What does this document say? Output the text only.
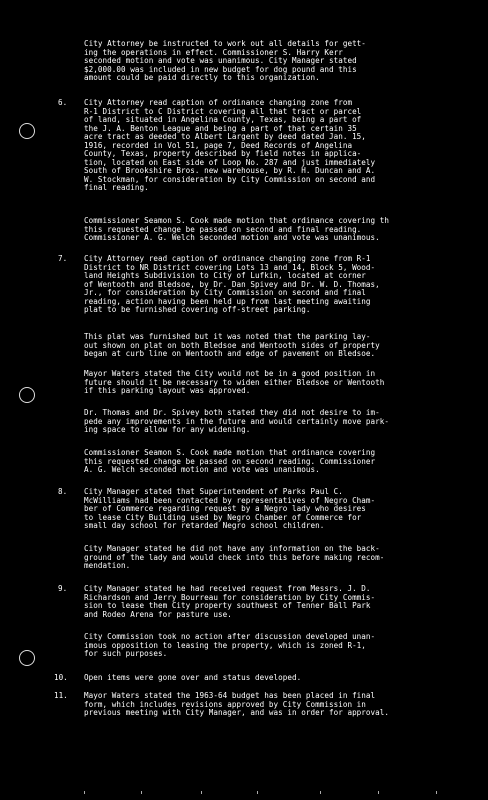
City Attorney be instructed to work out all details for gett-
ing the operations in effect. Commissioner S. Harry Kerr
seconded motion and vote was unanimous. City Manager stated
$2,000.00 was included in new budget for dog pound and this
amount could be paid directly to this organization.
6. City Attorney read caption of ordinance changing zone from
R-1 District to C District covering all that tract or parcel
of land, situated in Angelina County, Texas, being a part of
the J. A. Benton League and being a part of that certain 35
acre tract as deeded to Albert Largent by deed dated Jan. 15,
1916, recorded in Vol 51, page 7, Deed Records of Angelina
County, Texas, property described by field notes in applica-
tion, located on East side of Loop No. 287 and just immediately
South of Brookshire Bros. new warehouse, by R. H. Duncan and A.
W. Stockman, for consideration by City Commission on second and
final reading.
Commissioner Seamon S. Cook made motion that ordinance covering th
this requested change be passed on second and final reading.
Commissioner A. G. Welch seconded motion and vote was unanimous.
7. City Attorney read caption of ordinance changing zone from R-1
District to NR District covering Lots 13 and 14, Block 5, Wood-
land Heights Subdivision to City of Lufkin, located at corner
of Wentooth and Bledsoe, by Dr. Dan Spivey and Dr. W. D. Thomas,
Jr., for consideration by City Commission on second and final
reading, action having been held up from last meeting awaiting
plat to be furnished covering off-street parking.
This plat was furnished but it was noted that the parking lay-
out shown on plat on both Bledsoe and Wentooth sides of property
began at curb line on Wentooth and edge of pavement on Bledsoe.
Mayor Waters stated the City would not be in a good position in
future should it be necessary to widen either Bledsoe or Wentooth
if this parking layout was approved.
Dr. Thomas and Dr. Spivey both stated they did not desire to im-
pede any improvements in the future and would certainly move park-
ing space to allow for any widening.
Commissioner Seamon S. Cook made motion that ordinance covering
this requested change be passed on second reading. Commissioner
A. G. Welch seconded motion and vote was unanimous.
8. City Manager stated that Superintendent of Parks Paul C.
McWilliams had been contacted by representatives of Negro Cham-
ber of Commerce regarding request by a Negro lady who desires
to lease City Building used by Negro Chamber of Commerce for
small day school for retarded Negro school children.
City Manager stated he did not have any information on the back-
ground of the lady and would check into this before making recom-
mendation.
9. City Manager stated he had received request from Messrs. J. D.
Richardson and Jerry Bourreau for consideration by City Commis-
sion to lease them City property southwest of Tenner Ball Park
and Rodeo Arena for pasture use.
City Commission took no action after discussion developed unan-
imous opposition to leasing the property, which is zoned R-1,
for such purposes.
10. Open items were gone over and status developed.
11. Mayor Waters stated the 1963-64 budget has been placed in final
form, which includes revisions approved by City Commission in
previous meeting with City Manager, and was in order for approval.
